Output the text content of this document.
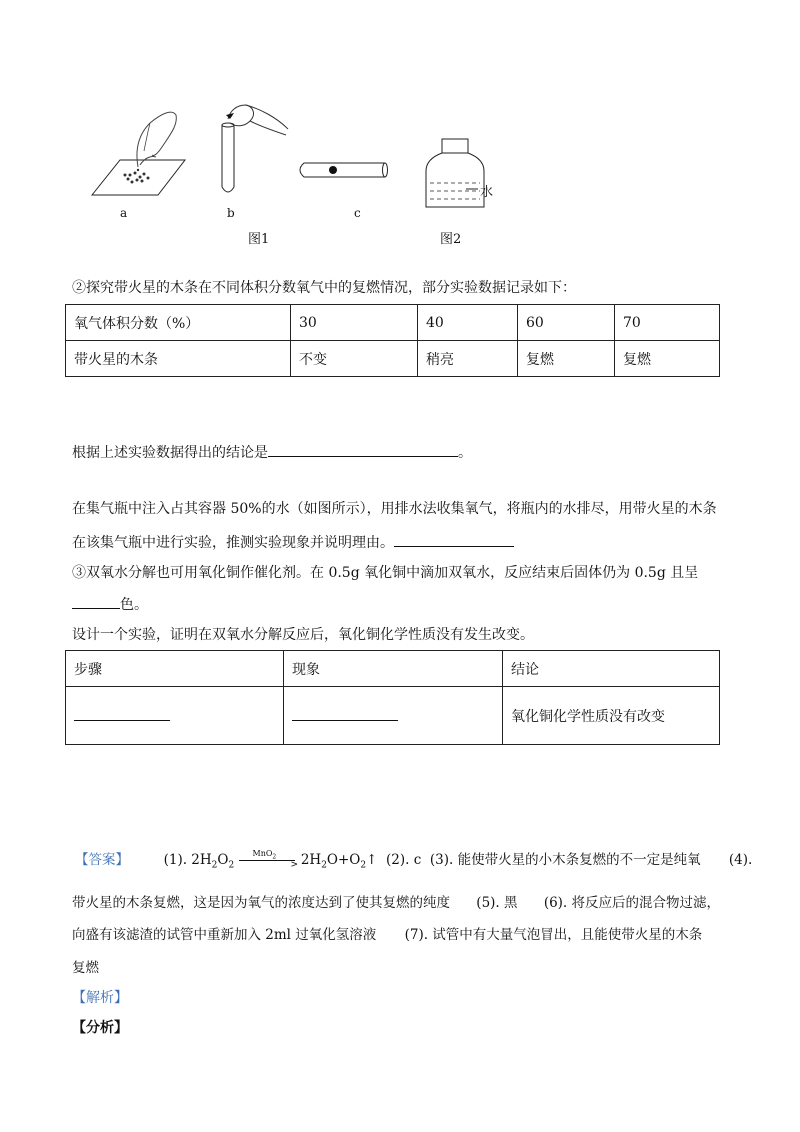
a	b	c
水
图1	图2
②探究带火星的木条在不同体积分数氧气中的复燃情况，部分实验数据记录如下：
氧气体积分数（%）	30	40	60	70
带火星的木条	不变	稍亮	复燃	复燃
根据上述实验数据得出的结论是	。
在集气瓶中注入占其容器 50%的水（如图所示），用排水法收集氧气，将瓶内的水排尽，用带火星的木条
在该集气瓶中进行实验，推测实验现象并说明理由。
③双氧水分解也可用氧化铜作催化剂。在 0.5g 氧化铜中滴加双氧水，反应结束后固体仍为 0.5g 且呈
色。
设计一个实验，证明在双氧水分解反应后，氧化铜化学性质没有发生改变。
步骤	现象	结论
		氧化铜化学性质没有改变
【答案】	(1). $2H_2O_2$
MnO$_2$
> $2H_2O+O_2↑$ (2). c (3). 能使带火星的小木条复燃的不一定是纯氧 (4).
带火星的木条复燃，这是因为氧气的浓度达到了使其复燃的纯度 (5). 黑 (6). 将反应后的混合物过滤，
向盛有该滤渣的试管中重新加入 2ml 过氧化氢溶液 (7). 试管中有大量气泡冒出，且能使带火星的木条
复燃
【解析】
【分析】
